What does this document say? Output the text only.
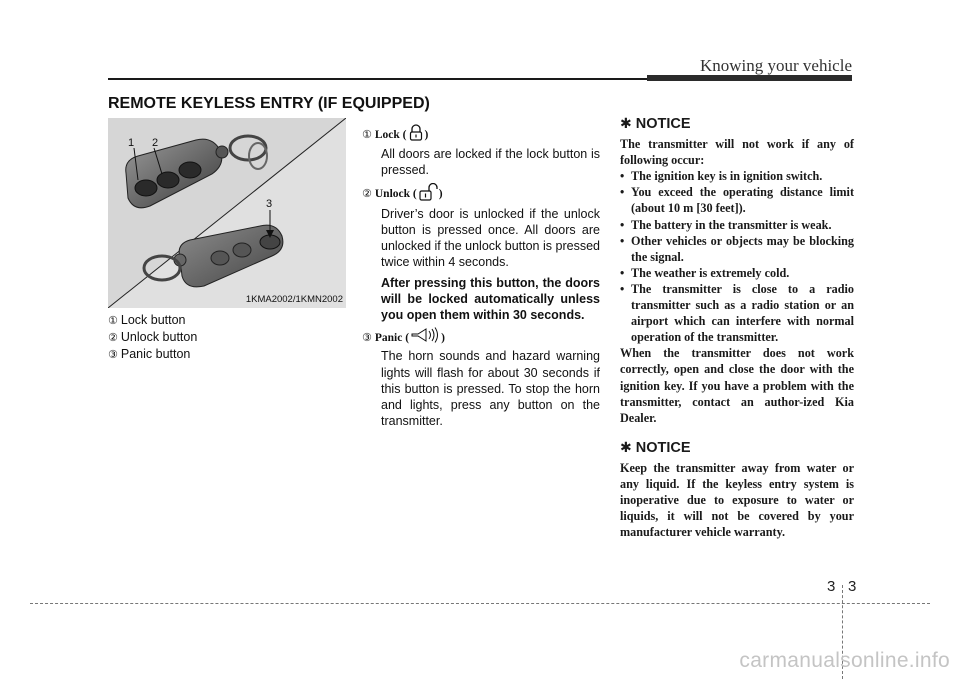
Knowing your vehicle
REMOTE KEYLESS ENTRY (IF EQUIPPED)
1 2
3
1KMA2002/1KMN2002
① Lock button
② Unlock button
③ Panic button
① Lock ( )
All doors are locked if the lock button is pressed.
② Unlock ( )
Driver’s door is unlocked if the unlock button is pressed once. All doors are unlocked if the unlock button is pressed twice within 4 seconds.
After pressing this button, the doors will be locked automatically unless you open them within 30 seconds.
③ Panic (	)
The horn sounds and hazard warning lights will flash for about 30 seconds if this button is pressed. To stop the horn and lights, press any button on the transmitter.
✱ NOTICE

The transmitter will not work if any of following occur:

• The ignition key is in ignition switch.
• You exceed the operating distance limit (about 10 m [30 feet]).
• The battery in the transmitter is weak.
• Other vehicles or objects may be blocking the signal.
• The weather is extremely cold.
• The transmitter is close to a radio transmitter such as a radio station or an airport which can interfere with normal operation of the transmitter.

When the transmitter does not work correctly, open and close the door with the ignition key. If you have a problem with the transmitter, contact an author-ized Kia Dealer.

✱ NOTICE

Keep the transmitter away from water or any liquid. If the keyless entry system is inoperative due to exposure to water or liquids, it will not be covered by your manufacturer vehicle warranty.

3 3
carmanualsonline.info
